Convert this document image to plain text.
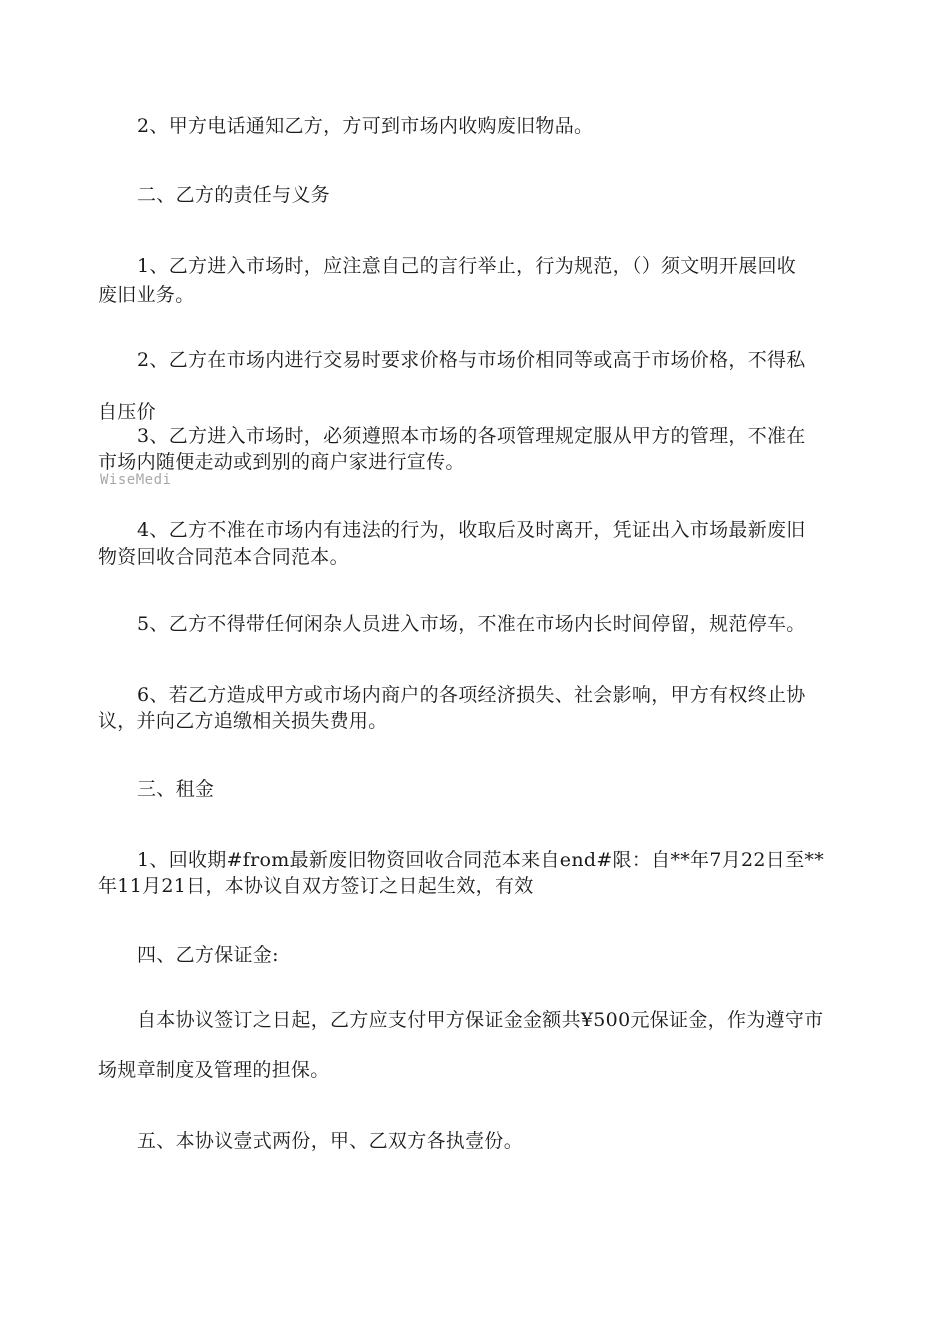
2、甲方电话通知乙方，方可到市场内收购废旧物品。
二、乙方的责任与义务
1、乙方进入市场时，应注意自己的言行举止，行为规范，（）须文明开展回收
废旧业务。
2、乙方在市场内进行交易时要求价格与市场价相同等或高于市场价格，不得私
自压价
3、乙方进入市场时，必须遵照本市场的各项管理规定服从甲方的管理，不准在
市场内随便走动或到别的商户家进行宣传。
WiseMedi
4、乙方不准在市场内有违法的行为，收取后及时离开，凭证出入市场最新废旧
物资回收合同范本合同范本。
5、乙方不得带任何闲杂人员进入市场，不准在市场内长时间停留，规范停车。
6、若乙方造成甲方或市场内商户的各项经济损失、社会影响，甲方有权终止协
议，并向乙方追缴相关损失费用。
三、租金
1、回收期#from最新废旧物资回收合同范本来自end#限：自**年7月22日至**
年11月21日，本协议自双方签订之日起生效，有效
四、乙方保证金:
自本协议签订之日起，乙方应支付甲方保证金金额共¥500元保证金，作为遵守市
场规章制度及管理的担保。
五、本协议壹式两份，甲、乙双方各执壹份。
